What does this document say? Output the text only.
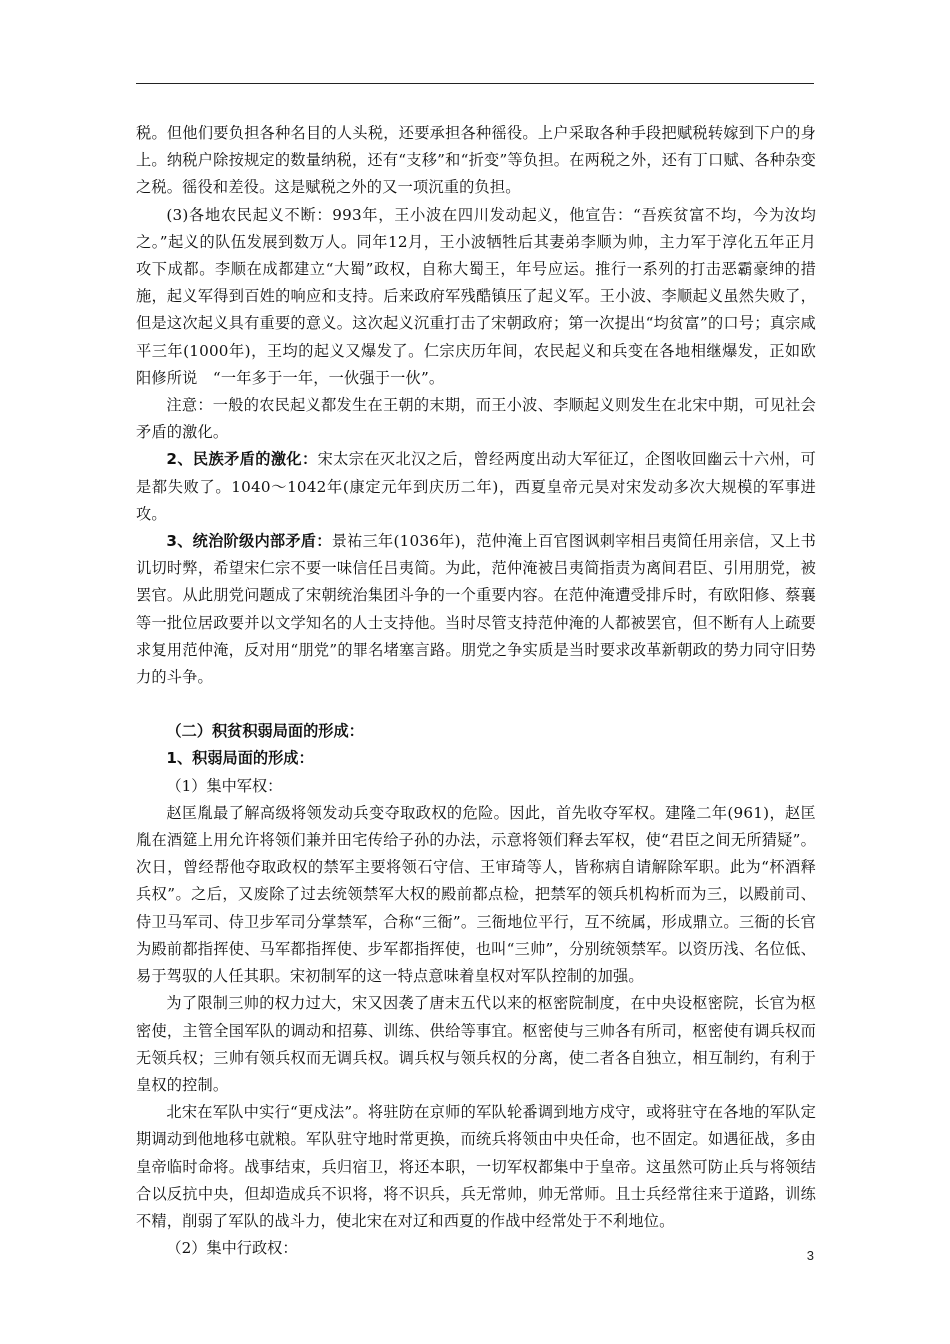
税。但他们要负担各种名目的人头税，还要承担各种徭役。上户采取各种手段把赋税转嫁到下户的身上。纳税户除按规定的数量纳税，还有“支移”和“折变”等负担。在两税之外，还有丁口赋、各种杂变之税。徭役和差役。这是赋税之外的又一项沉重的负担。

(3)各地农民起义不断：993年，王小波在四川发动起义，他宣告：“吾疾贫富不均，今为汝均之。”起义的队伍发展到数万人。同年12月，王小波牺牲后其妻弟李顺为帅，主力军于淳化五年正月攻下成都。李顺在成都建立“大蜀”政权，自称大蜀王，年号应运。推行一系列的打击恶霸豪绅的措施，起义军得到百姓的响应和支持。后来政府军残酷镇压了起义军。王小波、李顺起义虽然失败了，但是这次起义具有重要的意义。这次起义沉重打击了宋朝政府；第一次提出“均贫富”的口号；真宗咸平三年(1000年)，王均的起义又爆发了。仁宗庆历年间，农民起义和兵变在各地相继爆发，正如欧阳修所说　“一年多于一年，一伙强于一伙”。

注意：一般的农民起义都发生在王朝的末期，而王小波、李顺起义则发生在北宋中期，可见社会矛盾的激化。

2、民族矛盾的激化：宋太宗在灭北汉之后，曾经两度出动大军征辽，企图收回幽云十六州，可是都失败了。1040～1042年(康定元年到庆历二年)，西夏皇帝元昊对宋发动多次大规模的军事进攻。

3、统治阶级内部矛盾：景祐三年(1036年)，范仲淹上百官图讽刺宰相吕夷简任用亲信，又上书讥切时弊，希望宋仁宗不要一味信任吕夷简。为此，范仲淹被吕夷简指责为离间君臣、引用朋党，被罢官。从此朋党问题成了宋朝统治集团斗争的一个重要内容。在范仲淹遭受排斥时，有欧阳修、蔡襄等一批位居政要并以文学知名的人士支持他。当时尽管支持范仲淹的人都被罢官，但不断有人上疏要求复用范仲淹，反对用“朋党”的罪名堵塞言路。朋党之争实质是当时要求改革新朝政的势力同守旧势力的斗争。

（二）积贫积弱局面的形成：

1、积弱局面的形成：

（1）集中军权：

赵匡胤最了解高级将领发动兵变夺取政权的危险。因此，首先收夺军权。建隆二年(961)，赵匡胤在酒筵上用允许将领们兼并田宅传给子孙的办法，示意将领们释去军权，使“君臣之间无所猜疑”。次日，曾经帮他夺取政权的禁军主要将领石守信、王审琦等人，皆称病自请解除军职。此为“杯酒释兵权”。之后，又废除了过去统领禁军大权的殿前都点检，把禁军的领兵机构析而为三，以殿前司、侍卫马军司、侍卫步军司分掌禁军，合称“三衙”。三衙地位平行，互不统属，形成鼎立。三衙的长官为殿前都指挥使、马军都指挥使、步军都指挥使，也叫“三帅”，分别统领禁军。以资历浅、名位低、易于驾驭的人任其职。宋初制军的这一特点意味着皇权对军队控制的加强。

为了限制三帅的权力过大，宋又因袭了唐末五代以来的枢密院制度，在中央设枢密院，长官为枢密使，主管全国军队的调动和招募、训练、供给等事宜。枢密使与三帅各有所司，枢密使有调兵权而无领兵权；三帅有领兵权而无调兵权。调兵权与领兵权的分离，使二者各自独立，相互制约，有利于皇权的控制。

北宋在军队中实行“更戍法”。将驻防在京师的军队轮番调到地方戍守，或将驻守在各地的军队定期调动到他地移屯就粮。军队驻守地时常更换，而统兵将领由中央任命，也不固定。如遇征战，多由皇帝临时命将。战事结束，兵归宿卫，将还本职，一切军权都集中于皇帝。这虽然可防止兵与将领结合以反抗中央，但却造成兵不识将，将不识兵，兵无常帅，帅无常师。且士兵经常往来于道路，训练不精，削弱了军队的战斗力，使北宋在对辽和西夏的作战中经常处于不利地位。

（2）集中行政权：	3
